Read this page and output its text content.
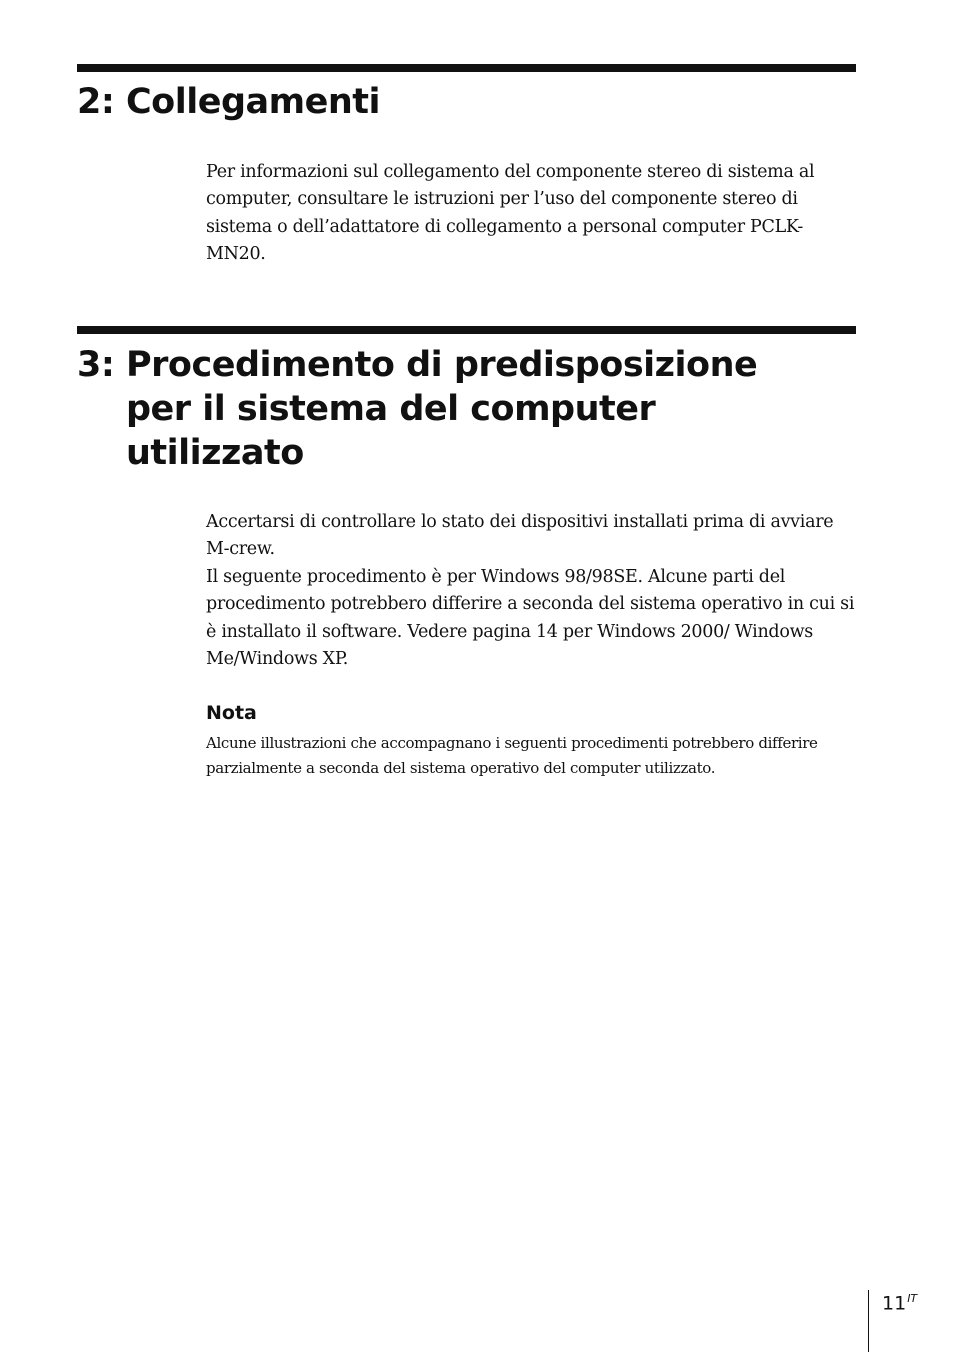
2: Collegamenti

Per informazioni sul collegamento del componente stereo di sistema al computer, consultare le istruzioni per l’uso del componente stereo di sistema o dell’adattatore di collegamento a personal computer PCLK-MN20.

3: Procedimento di predisposizione
per il sistema del computer
utilizzato

Accertarsi di controllare lo stato dei dispositivi installati prima di avviare M-crew.

Il seguente procedimento è per Windows 98/98SE. Alcune parti del procedimento potrebbero differire a seconda del sistema operativo in cui si è installato il software. Vedere pagina 14 per Windows 2000/ Windows Me/Windows XP.

Nota

Alcune illustrazioni che accompagnano i seguenti procedimenti potrebbero differire parzialmente a seconda del sistema operativo del computer utilizzato.

$11^{IT}$
